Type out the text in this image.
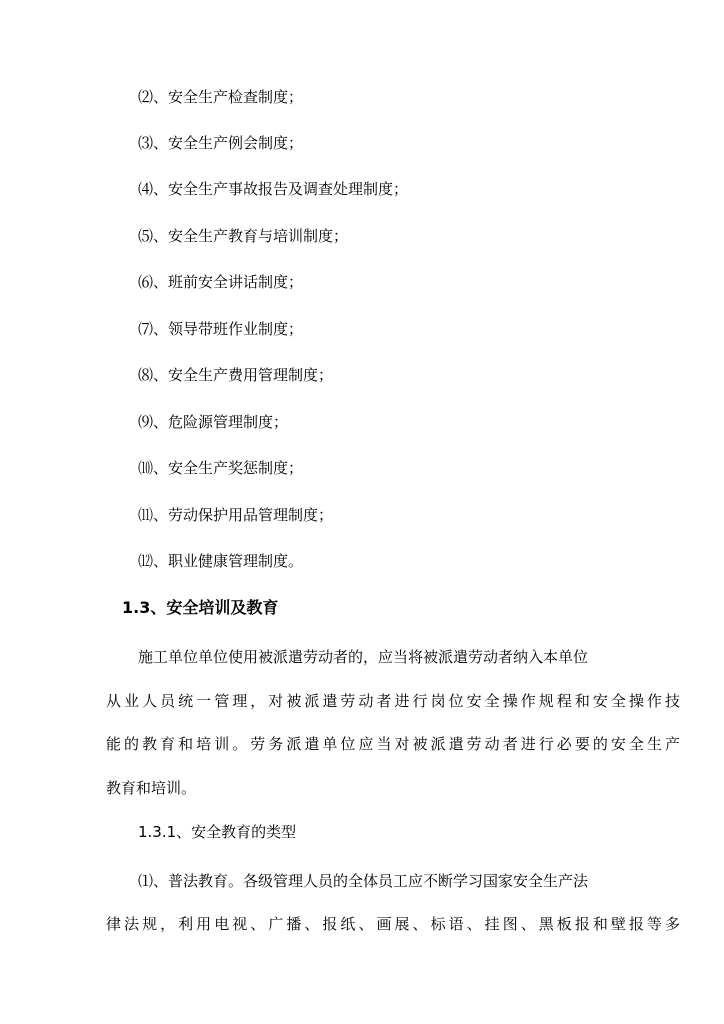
⑵、安全生产检查制度；
⑶、安全生产例会制度；
⑷、安全生产事故报告及调查处理制度；
⑸、安全生产教育与培训制度；
⑹、班前安全讲话制度；
⑺、领导带班作业制度；
⑻、安全生产费用管理制度；
⑼、危险源管理制度；
⑽、安全生产奖惩制度；
⑾、劳动保护用品管理制度；
⑿、职业健康管理制度。
1.3、安全培训及教育
施工单位单位使用被派遣劳动者的，应当将被派遣劳动者纳入本单位
从业人员统一管理，对被派遣劳动者进行岗位安全操作规程和安全操作技
能的教育和培训。劳务派遣单位应当对被派遣劳动者进行必要的安全生产
教育和培训。
1.3.1、安全教育的类型
⑴、普法教育。各级管理人员的全体员工应不断学习国家安全生产法
律法规，利用电视、广播、报纸、画展、标语、挂图、黑板报和壁报等多
